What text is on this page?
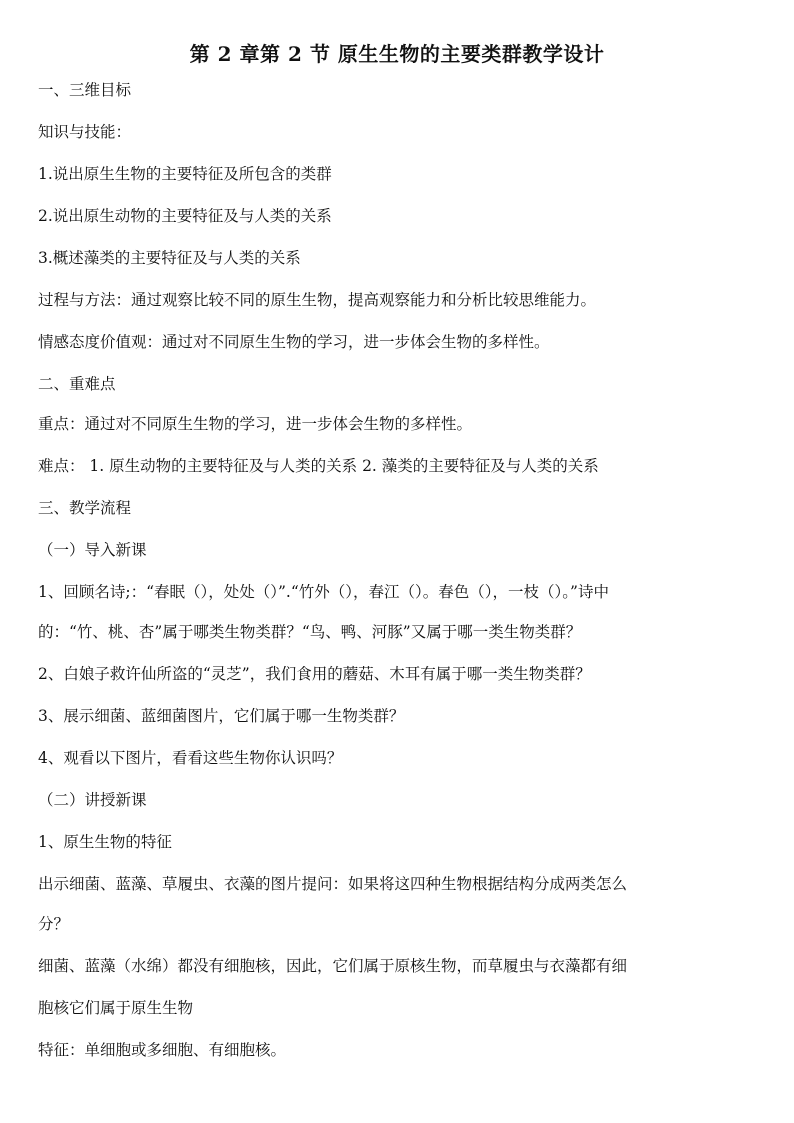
第 2 章第 2 节 原生生物的主要类群教学设计
一、三维目标
知识与技能：
1.说出原生生物的主要特征及所包含的类群
2.说出原生动物的主要特征及与人类的关系
3.概述藻类的主要特征及与人类的关系
过程与方法：通过观察比较不同的原生生物，提高观察能力和分析比较思维能力。
情感态度价值观：通过对不同原生生物的学习，进一步体会生物的多样性。
二、重难点
重点：通过对不同原生生物的学习，进一步体会生物的多样性。
难点： 1. 原生动物的主要特征及与人类的关系 2. 藻类的主要特征及与人类的关系
三、教学流程
（一）导入新课
1、回顾名诗;：“春眠（），处处（）”.“竹外（），春江（）。春色（），一枝（）。”诗中
的：“竹、桃、杏”属于哪类生物类群？“鸟、鸭、河豚”又属于哪一类生物类群？
2、白娘子救许仙所盗的“灵芝”，我们食用的蘑菇、木耳有属于哪一类生物类群？
3、展示细菌、蓝细菌图片，它们属于哪一生物类群？
4、观看以下图片，看看这些生物你认识吗？
（二）讲授新课
1、原生生物的特征
出示细菌、蓝藻、草履虫、衣藻的图片提问：如果将这四种生物根据结构分成两类怎么
分？
细菌、蓝藻（水绵）都没有细胞核，因此，它们属于原核生物，而草履虫与衣藻都有细
胞核它们属于原生生物
特征：单细胞或多细胞、有细胞核。
